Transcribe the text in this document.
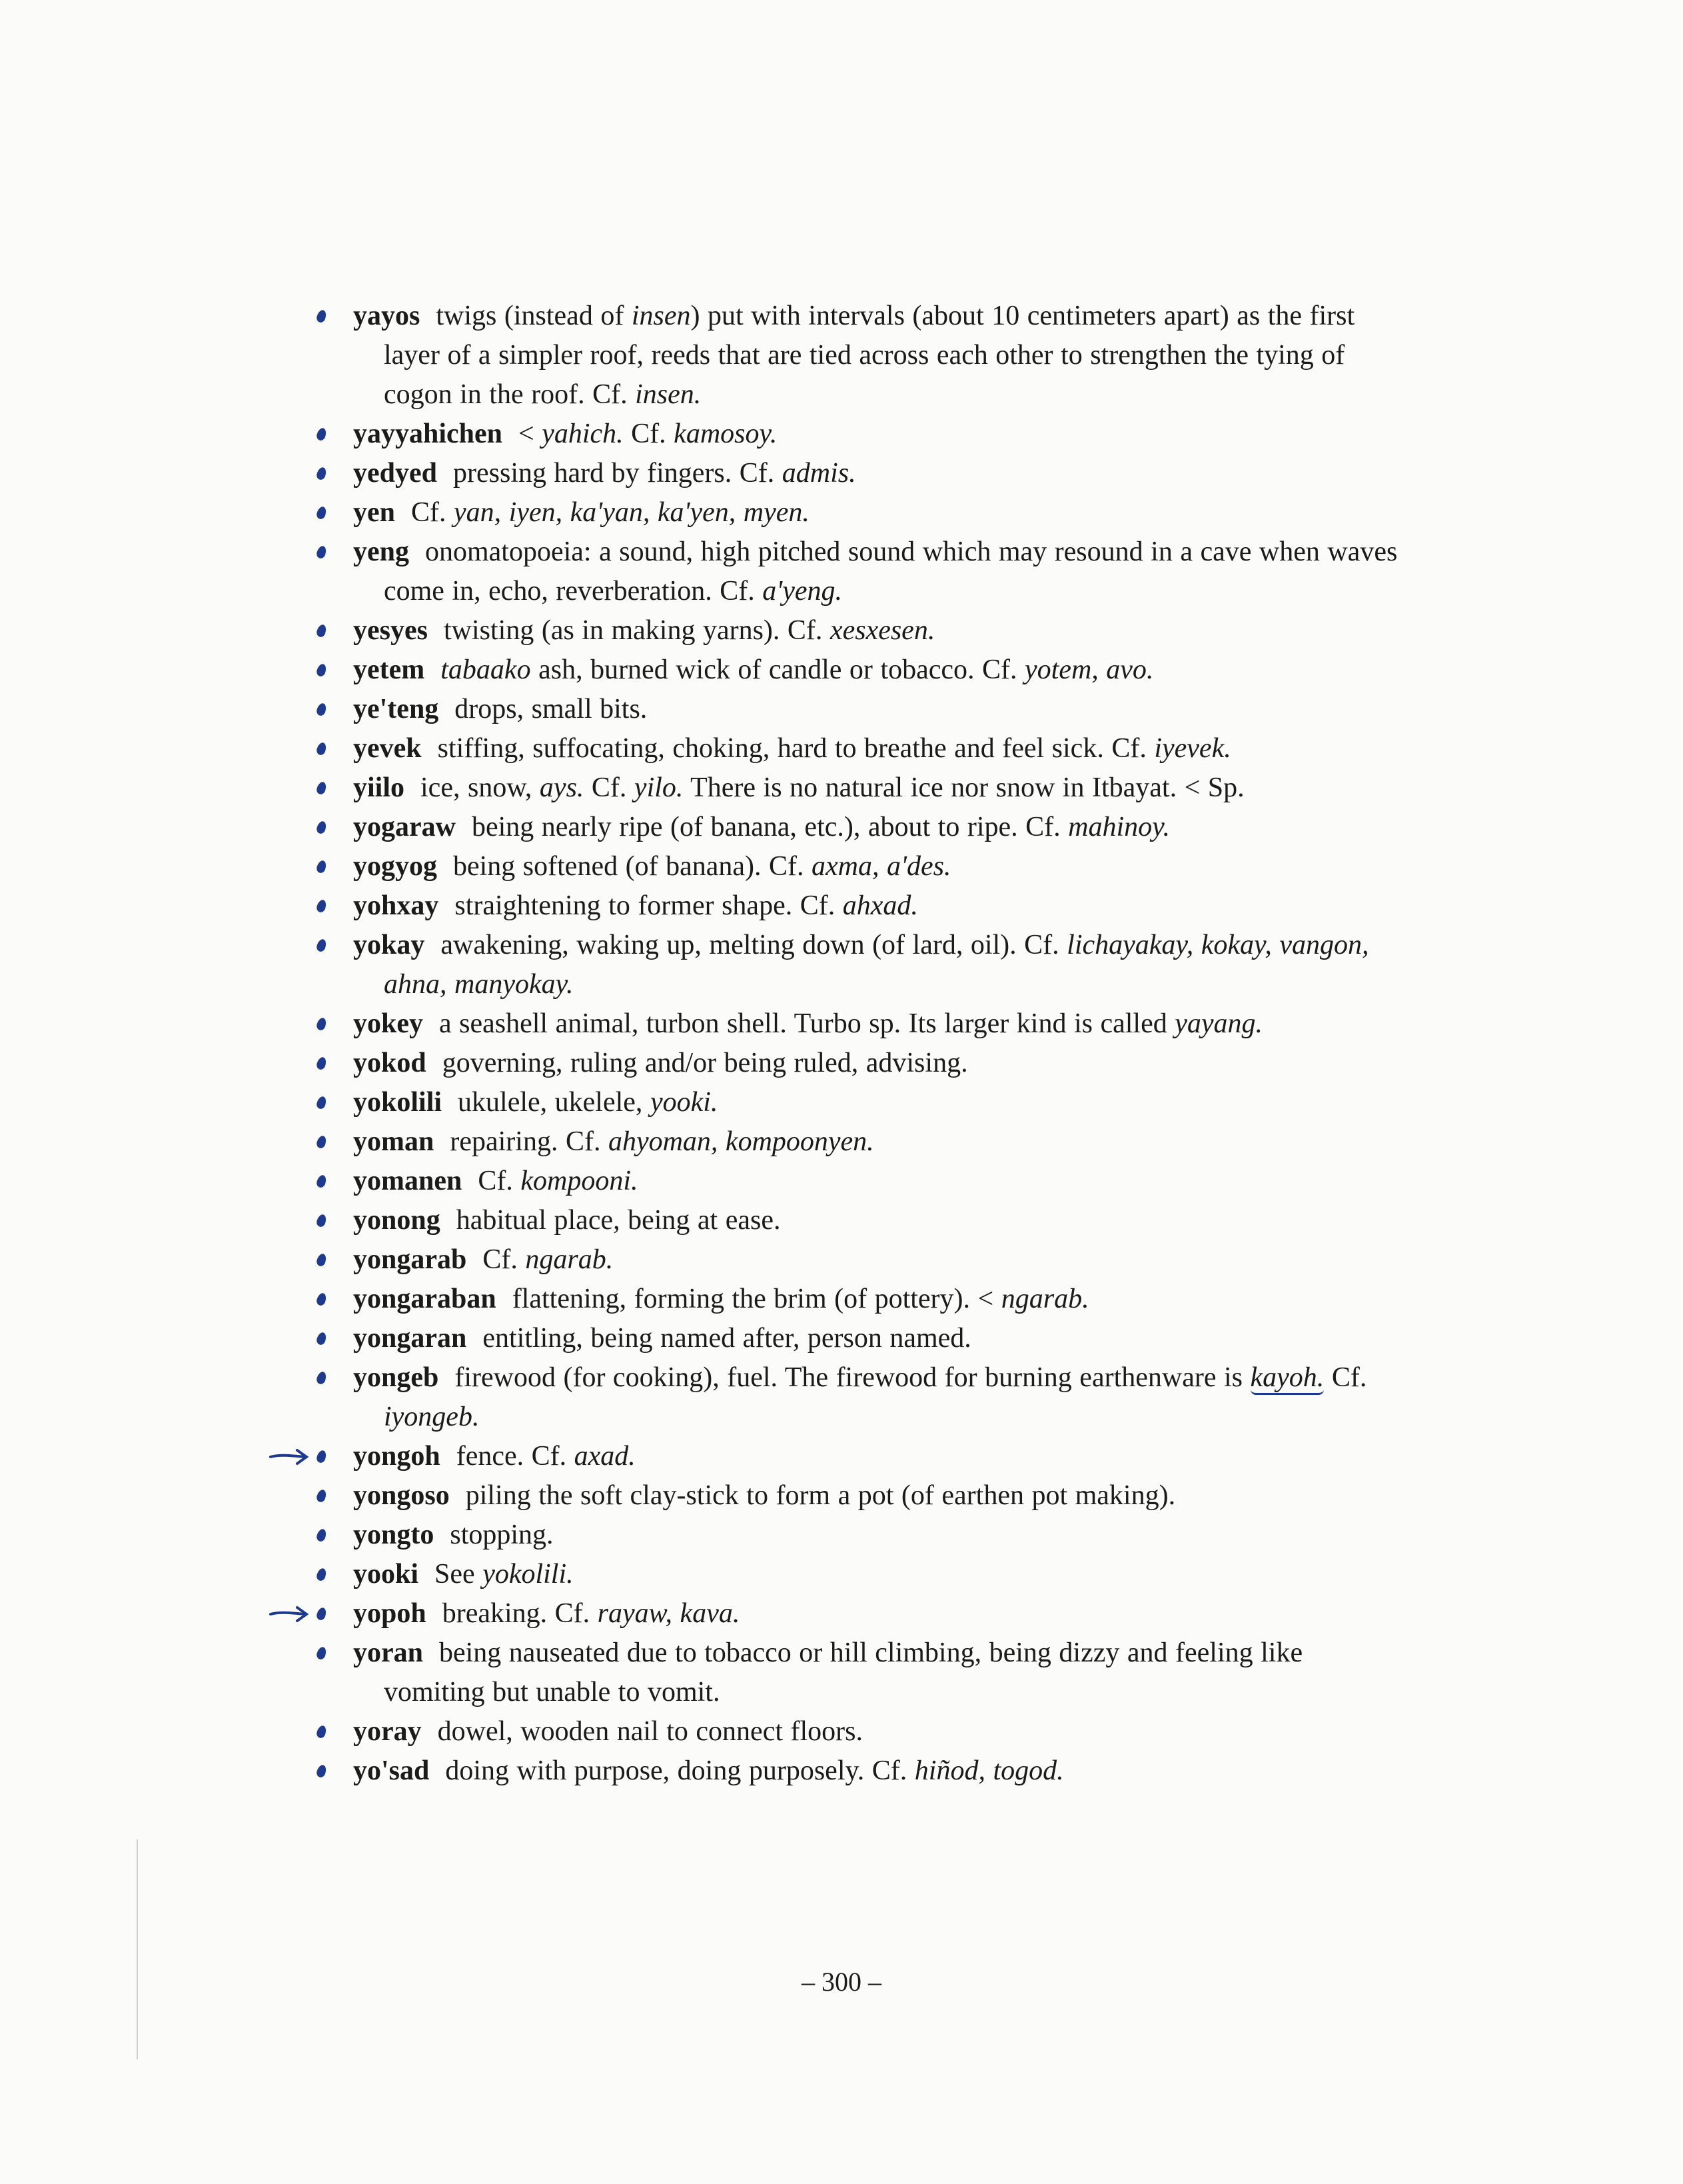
yayos twigs (instead of insen) put with intervals (about 10 centimeters apart) as the first layer of a simpler roof, reeds that are tied across each other to strengthen the tying of cogon in the roof. Cf. insen.
yayyahichen < yahich. Cf. kamosoy.
yedyed pressing hard by fingers. Cf. admis.
yen Cf. yan, iyen, ka'yan, ka'yen, myen.
yeng onomatopoeia: a sound, high pitched sound which may resound in a cave when waves come in, echo, reverberation. Cf. a'yeng.
yesyes twisting (as in making yarns). Cf. xesxesen.
yetem tabaako ash, burned wick of candle or tobacco. Cf. yotem, avo.
ye'teng drops, small bits.
yevek stiffing, suffocating, choking, hard to breathe and feel sick. Cf. iyevek.
yiilo ice, snow, ays. Cf. yilo. There is no natural ice nor snow in Itbayat. < Sp.
yogaraw being nearly ripe (of banana, etc.), about to ripe. Cf. mahinoy.
yogyog being softened (of banana). Cf. axma, a'des.
yohxay straightening to former shape. Cf. ahxad.
yokay awakening, waking up, melting down (of lard, oil). Cf. lichayakay, kokay, vangon, ahna, manyokay.
yokey a seashell animal, turbon shell. Turbo sp. Its larger kind is called yayang.
yokod governing, ruling and/or being ruled, advising.
yokolili ukulele, ukelele, yooki.
yoman repairing. Cf. ahyoman, kompoonyen.
yomanen Cf. kompooni.
yonong habitual place, being at ease.
yongarab Cf. ngarab.
yongaraban flattening, forming the brim (of pottery). < ngarab.
yongaran entitling, being named after, person named.
yongeb firewood (for cooking), fuel. The firewood for burning earthenware is kayoh. Cf. iyongeb.
yongoh fence. Cf. axad.
yongoso piling the soft clay-stick to form a pot (of earthen pot making).
yongto stopping.
yooki See yokolili.
yopoh breaking. Cf. rayaw, kava.
yoran being nauseated due to tobacco or hill climbing, being dizzy and feeling like vomiting but unable to vomit.
yoray dowel, wooden nail to connect floors.
yo'sad doing with purpose, doing purposely. Cf. hiñod, togod.
– 300 –
